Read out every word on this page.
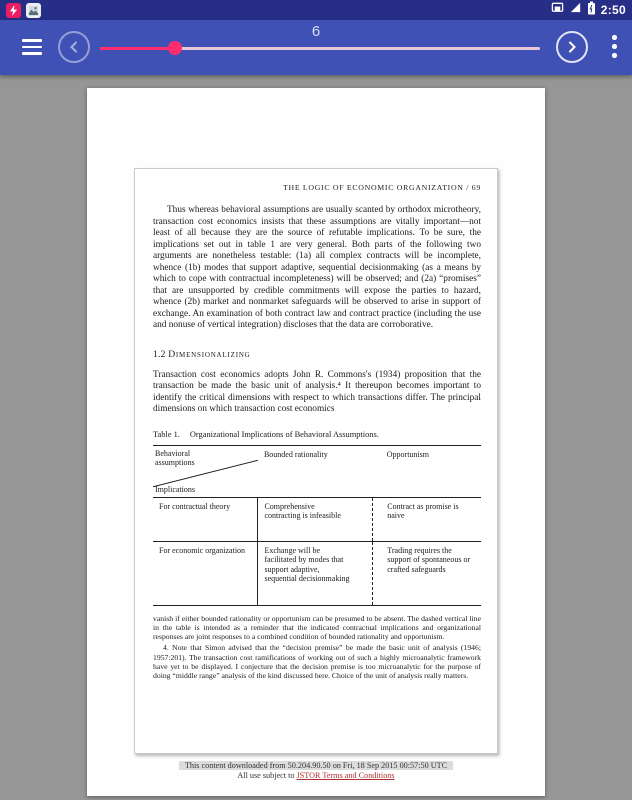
2:50
6
THE LOGIC OF ECONOMIC ORGANIZATION / 69

Thus whereas behavioral assumptions are usually scanted by orthodox microtheory, transaction cost economics insists that these assumptions are vitally important—not least of all because they are the source of refutable implications. To be sure, the implications set out in table 1 are very general. Both parts of the following two arguments are nonetheless testable: (1a) all complex contracts will be incomplete, whence (1b) modes that support adaptive, sequential decisionmaking (as a means by which to cope with contractual incompleteness) will be observed; and (2a) “promises” that are unsupported by credible commitments will expose the parties to hazard, whence (2b) market and nonmarket safeguards will be observed to arise in support of exchange. An examination of both contract law and contract practice (including the use and nonuse of vertical integration) discloses that the data are corroborative.

1.2 Dimensionalizing

Transaction cost economics adopts John R. Commons's (1934) proposition that the transaction be made the basic unit of analysis.⁴ It thereupon becomes important to identify the critical dimensions with respect to which transactions differ. The principal dimensions on which transaction cost economics

Table 1. Organizational Implications of Behavioral Assumptions.
Behavioral assumptions
Implications	Bounded rationality	Opportunism

For contractual theory	Comprehensive contracting is infeasible	Contract as promise is naive

For economic organization	Exchange will be facilitated by modes that support adaptive, sequential decisionmaking	Trading requires the support of spontaneous or crafted safeguards

vanish if either bounded rationality or opportunism can be presumed to be absent. The dashed vertical line in the table is intended as a reminder that the indicated contractual implications and organizational responses are joint responses to a combined condition of bounded rationality and opportunism.

4. Note that Simon advised that the “decision premise” be made the basic unit of analysis (1946; 1957:201). The transaction cost ramifications of working out of such a highly microanalytic framework have yet to be displayed. I conjecture that the decision premise is too microanalytic for the purpose of doing “middle range” analysis of the kind discussed here. Choice of the unit of analysis really matters.

This content downloaded from 50.204.90.50 on Fri, 18 Sep 2015 00:57:50 UTC
All use subject to JSTOR Terms and Conditions
